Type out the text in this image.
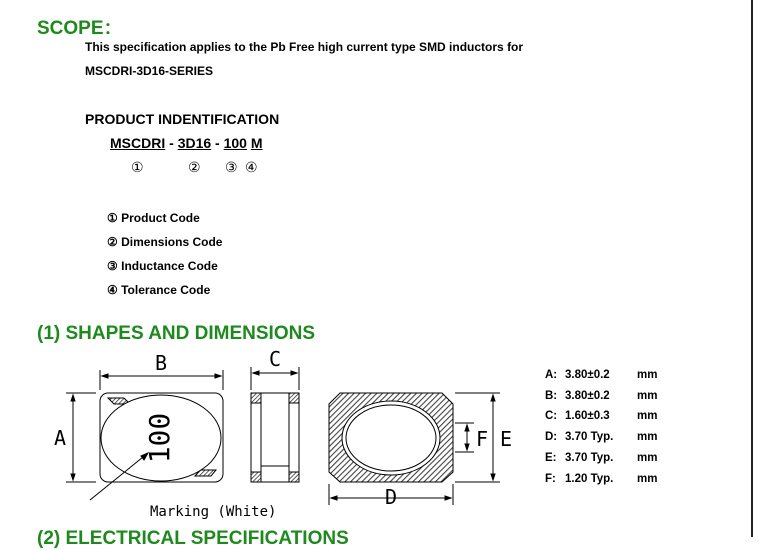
SCOPE：
This specification applies to the Pb Free high current type SMD inductors for
MSCDRI-3D16-SERIES
PRODUCT INDENTIFICATION
MSCDRI - 3D16 - 100 M
①	② ③ ④
① Product Code
② Dimensions Code
③ Inductance Code
④ Tolerance Code
(1) SHAPES AND DIMENSIONS
B
A
C
D
E
F
100
Marking (White)
A: 3.80±0.2 mm
B: 3.80±0.2 mm
C: 1.60±0.3 mm
D: 3.70 Typ. mm
E: 3.70 Typ. mm
F: 1.20 Typ. mm
(2) ELECTRICAL SPECIFICATIONS
